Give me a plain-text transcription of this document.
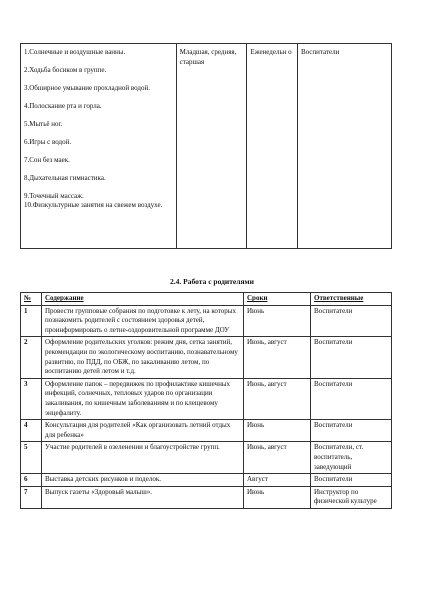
1.Солнечные и воздушные ванны.

2.Ходьба босиком в группе.

3.Обширное умывание прохладной водой.

4.Полоскание рта и горла.

5.Мытьё ног.

6.Игры с водой.

7.Сон без маек.

8.Дыхательная гимнастика.

9.Точечный массаж.

10.Физкультурные занятия на свежем воздухе.

	Младшая, средняя, старшая	Еженедельн о	Воспитатели
2.4. Работа с родителями
№	Содержание	Сроки	Ответственные
1	Провести групповые собрания по подготовке к лету, на которых познакомить родителей с состоянием здоровья детей, проинформировать о летне-оздоровительной программе ДОУ	Июнь	Воспитатели
2	Оформление родительских уголков: режим дня, сетка занятий, рекомендации по экологическому воспитанию, познавательному развитию, по ПДД, по ОБЖ, по закаливанию летом, по воспитанию детей летом и т.д.	Июнь, август	Воспитатели
3	Оформление папок – передвижек по профилактике кишечных инфекций, солнечных, тепловых ударов по организации закаливания, по кишечным заболеваниям и по клещевому энцефалиту.	Июнь, август	Воспитатели
4	Консультация для родителей «Как организовать летний отдых для ребенка»	Июнь	Воспитатели
5	Участие родителей в озеленении и благоустройстве групп.	Июнь, август	Воспитатели, ст. воспитатель, заведующий
6	Выставка детских рисунков и поделок.	Август	Воспитатели
7	Выпуск газеты «Здоровый малыш».	Июнь	Инструктор по физической культуре
